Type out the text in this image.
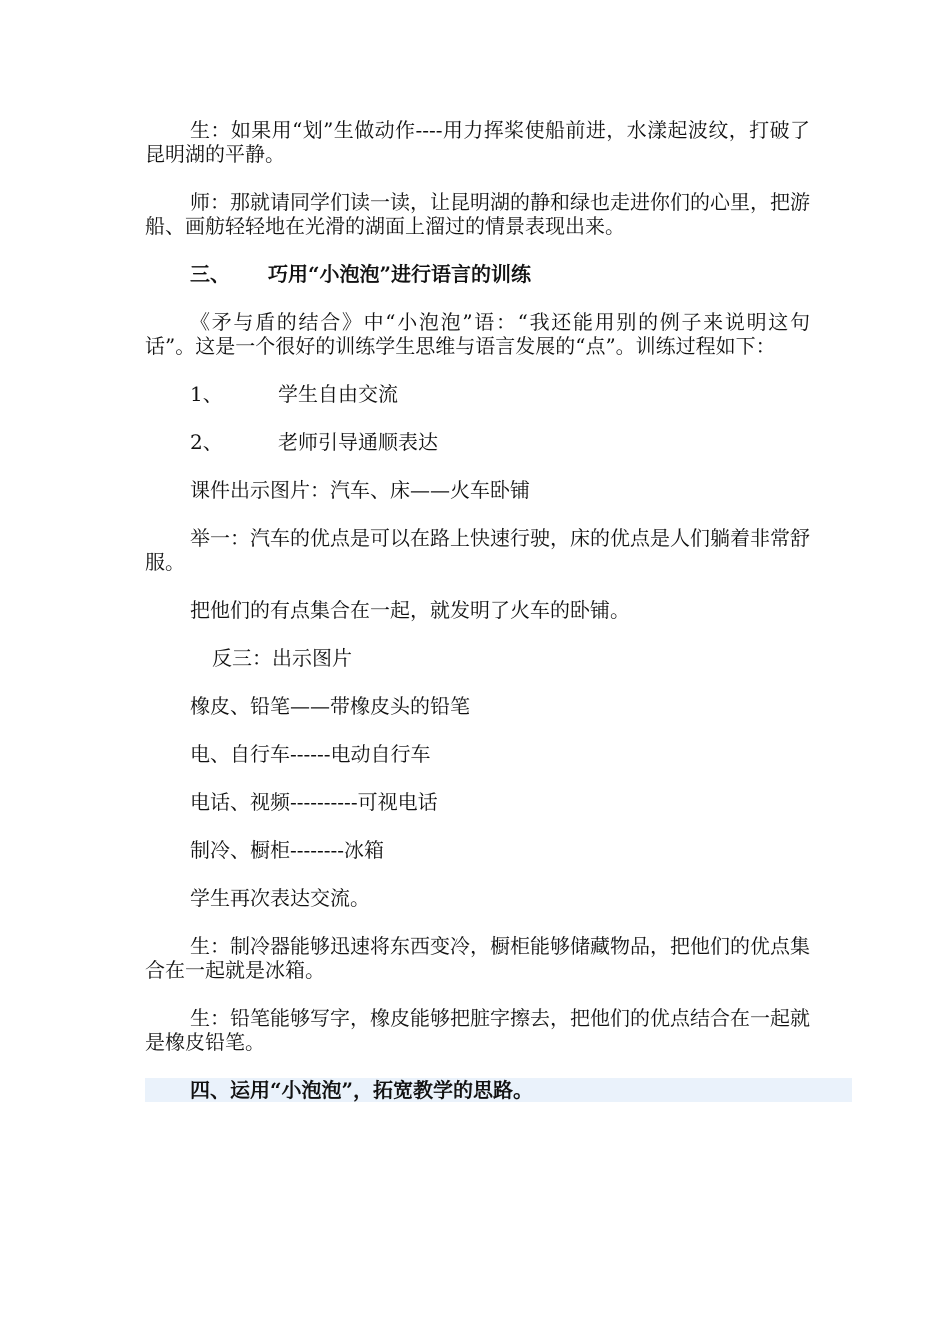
生：如果用“划”生做动作----用力挥桨使船前进，水漾起波纹，打破了昆明湖的平静。

师：那就请同学们读一读，让昆明湖的静和绿也走进你们的心里，把游船、画舫轻轻地在光滑的湖面上溜过的情景表现出来。

三、 巧用“小泡泡”进行语言的训练

《矛与盾的结合》中“小泡泡”语：“我还能用别的例子来说明这句话”。这是一个很好的训练学生思维与语言发展的“点”。训练过程如下：

1、	学生自由交流

2、	老师引导通顺表达

课件出示图片：汽车、床——火车卧铺

举一：汽车的优点是可以在路上快速行驶，床的优点是人们躺着非常舒服。

把他们的有点集合在一起，就发明了火车的卧铺。

反三：出示图片

橡皮、铅笔——带橡皮头的铅笔

电、自行车------电动自行车

电话、视频----------可视电话

制冷、橱柜--------冰箱

学生再次表达交流。

生：制冷器能够迅速将东西变冷，橱柜能够储藏物品，把他们的优点集合在一起就是冰箱。

生：铅笔能够写字，橡皮能够把脏字擦去，把他们的优点结合在一起就是橡皮铅笔。

四、运用“小泡泡”，拓宽教学的思路。
